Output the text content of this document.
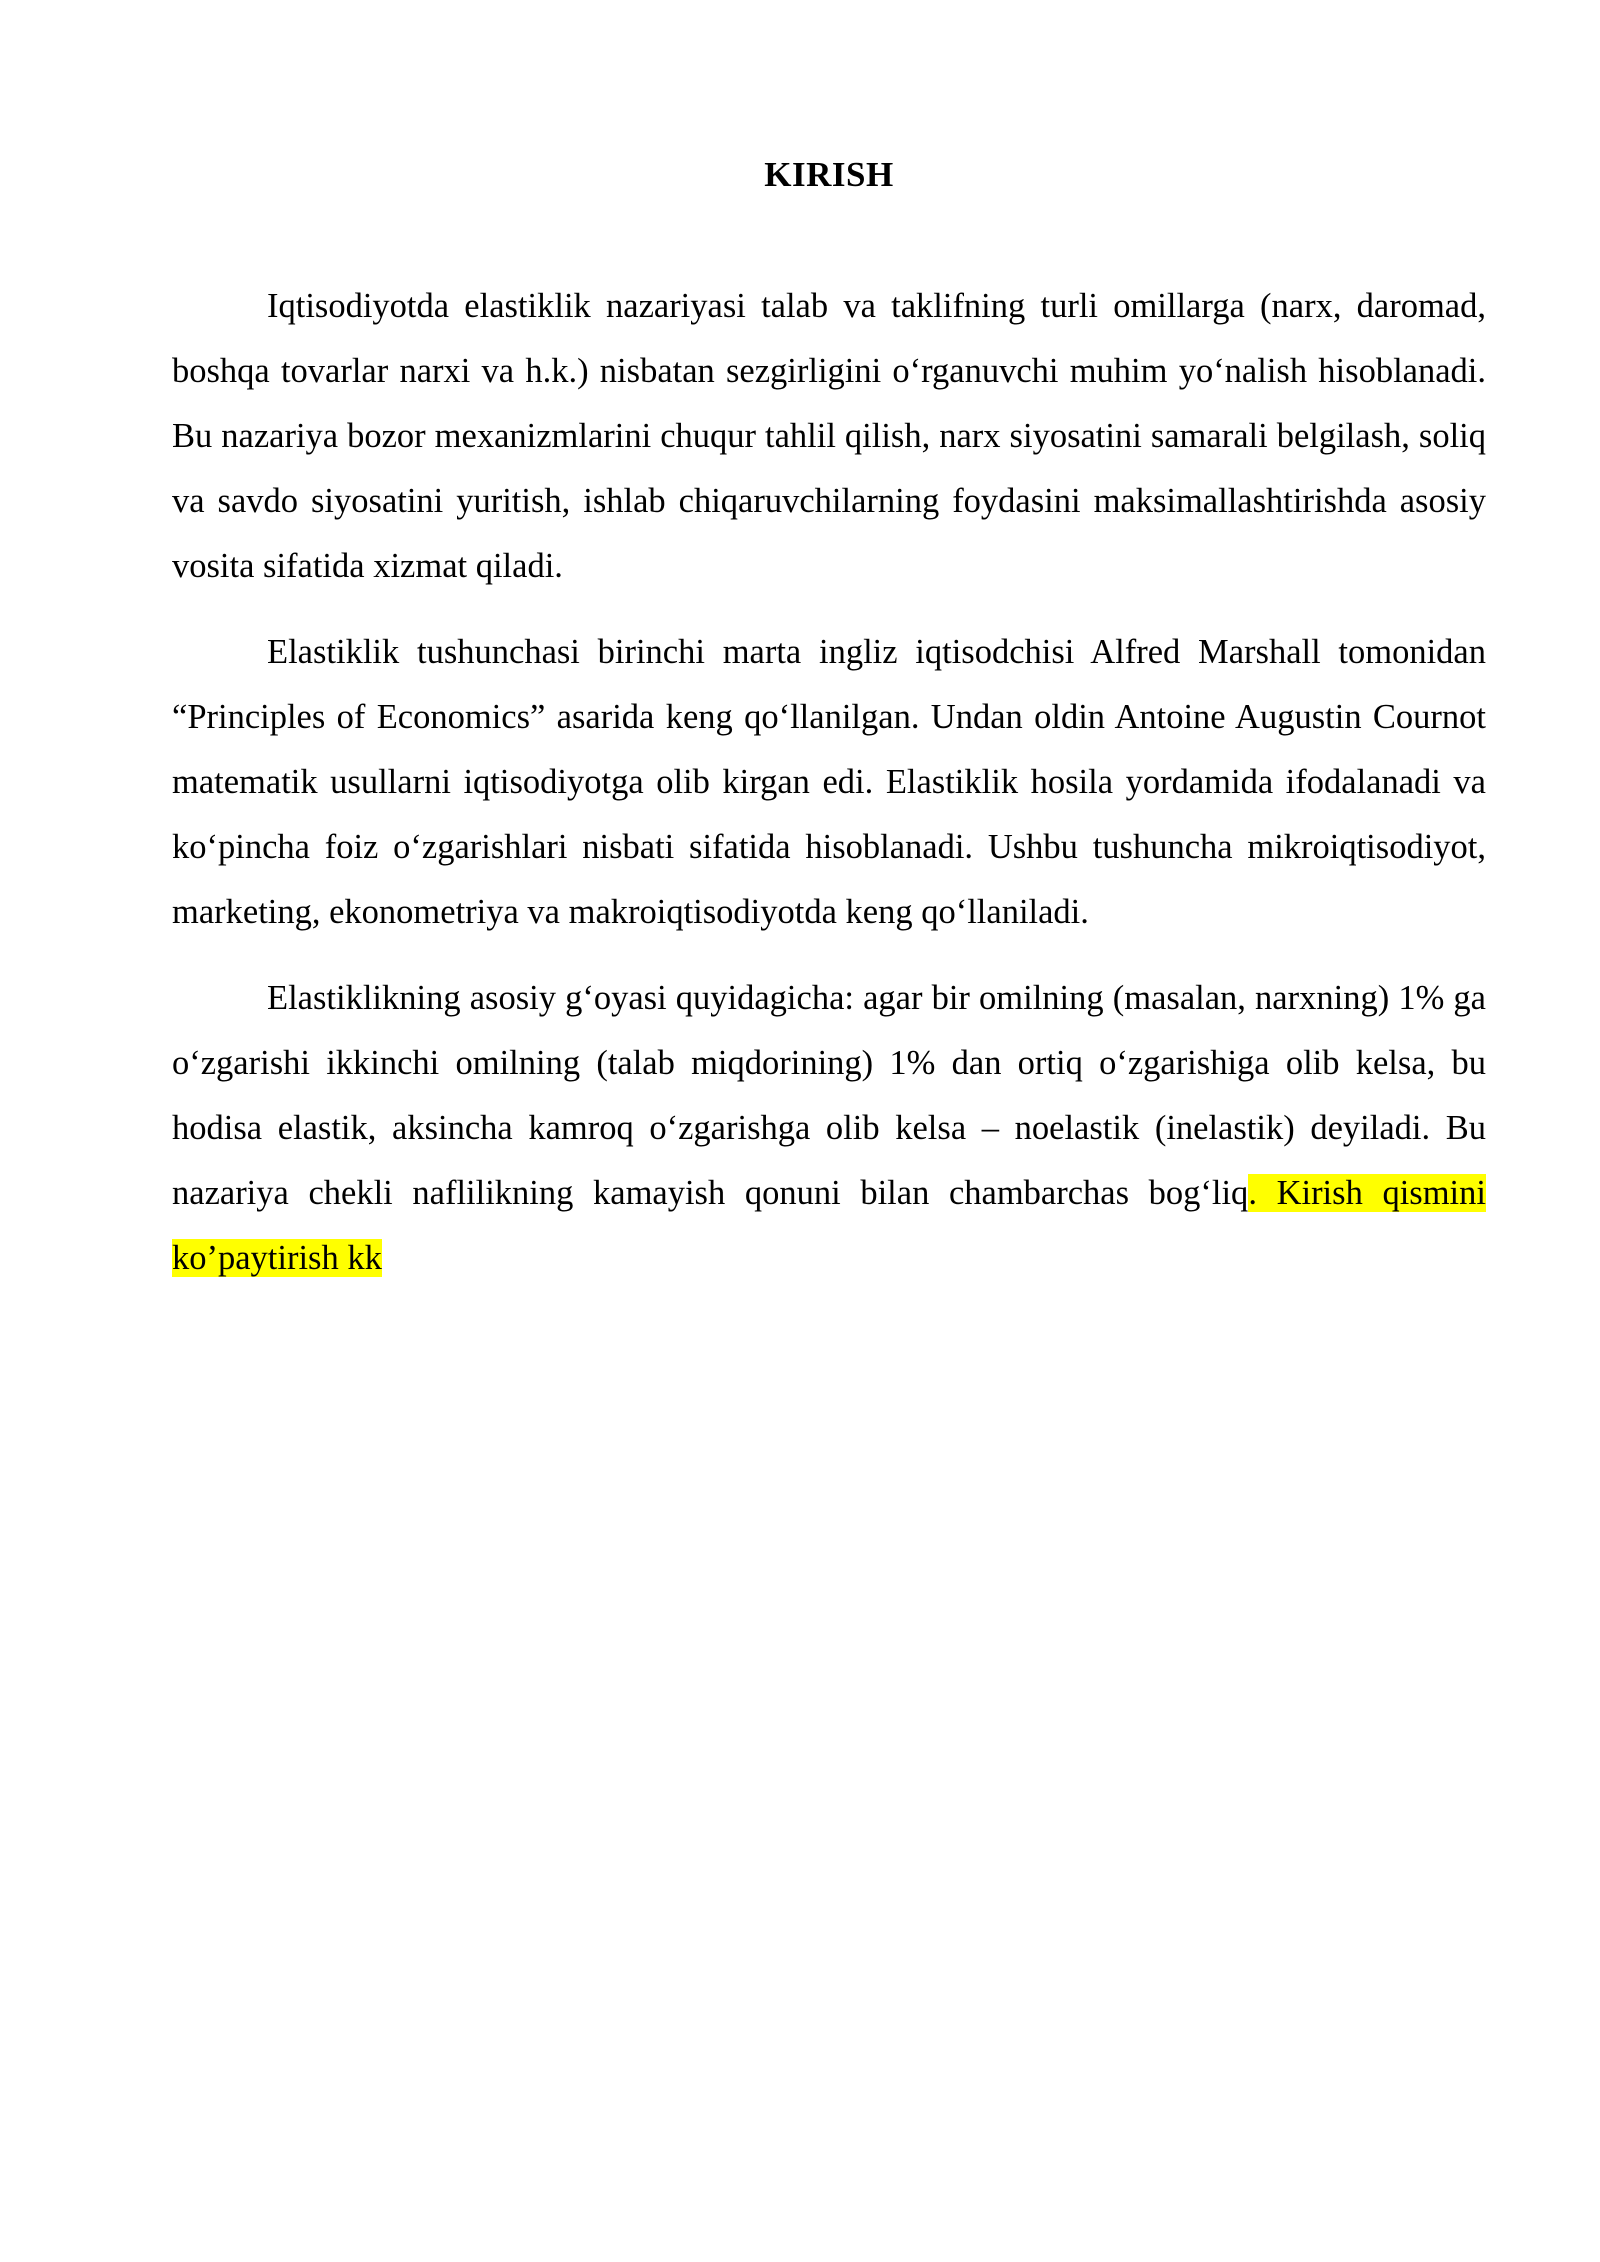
KIRISH

Iqtisodiyotda elastiklik nazariyasi talab va taklifning turli omillarga (narx, daromad, boshqa tovarlar narxi va h.k.) nisbatan sezgirligini o‘rganuvchi muhim yo‘nalish hisoblanadi. Bu nazariya bozor mexanizmlarini chuqur tahlil qilish, narx siyosatini samarali belgilash, soliq va savdo siyosatini yuritish, ishlab chiqaruvchilarning foydasini maksimallashtirishda asosiy vosita sifatida xizmat qiladi.

Elastiklik tushunchasi birinchi marta ingliz iqtisodchisi Alfred Marshall tomonidan “Principles of Economics” asarida keng qo‘llanilgan. Undan oldin Antoine Augustin Cournot matematik usullarni iqtisodiyotga olib kirgan edi. Elastiklik hosila yordamida ifodalanadi va ko‘pincha foiz o‘zgarishlari nisbati sifatida hisoblanadi. Ushbu tushuncha mikroiqtisodiyot, marketing, ekonometriya va makroiqtisodiyotda keng qo‘llaniladi.

Elastiklikning asosiy g‘oyasi quyidagicha: agar bir omilning (masalan, narxning) 1% ga o‘zgarishi ikkinchi omilning (talab miqdorining) 1% dan ortiq o‘zgarishiga olib kelsa, bu hodisa elastik, aksincha kamroq o‘zgarishga olib kelsa – noelastik (inelastik) deyiladi. Bu nazariya chekli naflilikning kamayish qonuni bilan chambarchas bog‘liq. Kirish qismini ko’paytirish kk
